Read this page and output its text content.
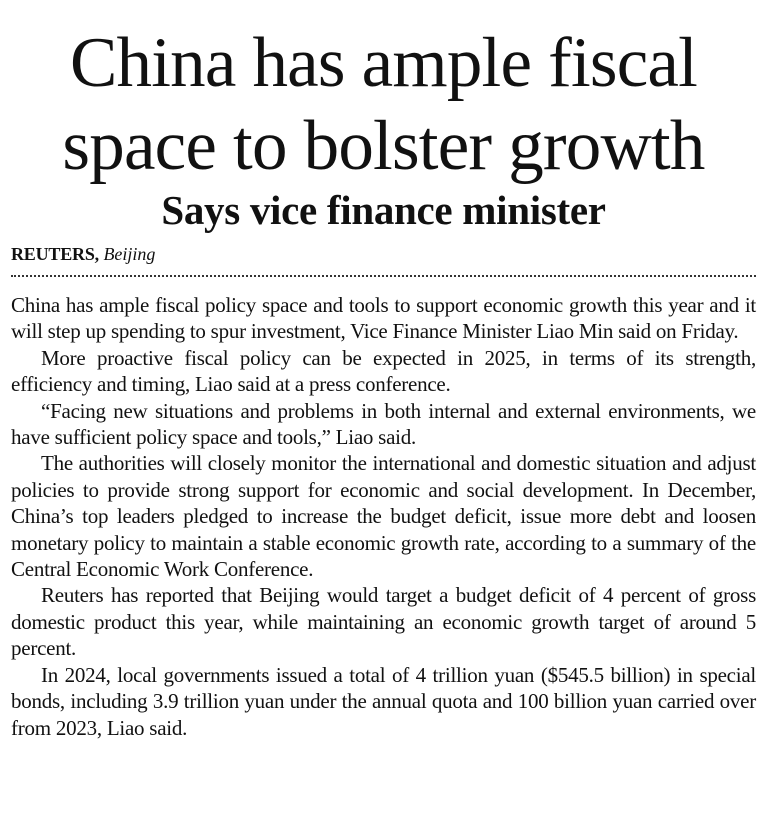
China has ample fiscal
space to bolster growth
Says vice finance minister
REUTERS, Beijing

China has ample fiscal policy space and tools to support economic growth this year and it will step up spending to spur investment, Vice Finance Minister Liao Min said on Friday.

More proactive fiscal policy can be expected in 2025, in terms of its strength, efficiency and timing, Liao said at a press conference.

“Facing new situations and problems in both internal and external environments, we have sufficient policy space and tools,” Liao said.

The authorities will closely monitor the international and domestic situation and adjust policies to provide strong support for economic and social development. In December, China’s top leaders pledged to increase the budget deficit, issue more debt and loosen monetary policy to maintain a stable economic growth rate, according to a summary of the Central Economic Work Conference.

Reuters has reported that Beijing would target a budget deficit of 4 percent of gross domestic product this year, while maintaining an economic growth target of around 5 percent.

In 2024, local governments issued a total of 4 trillion yuan ($545.5 billion) in special bonds, including 3.9 trillion yuan under the annual quota and 100 billion yuan carried over from 2023, Liao said.
